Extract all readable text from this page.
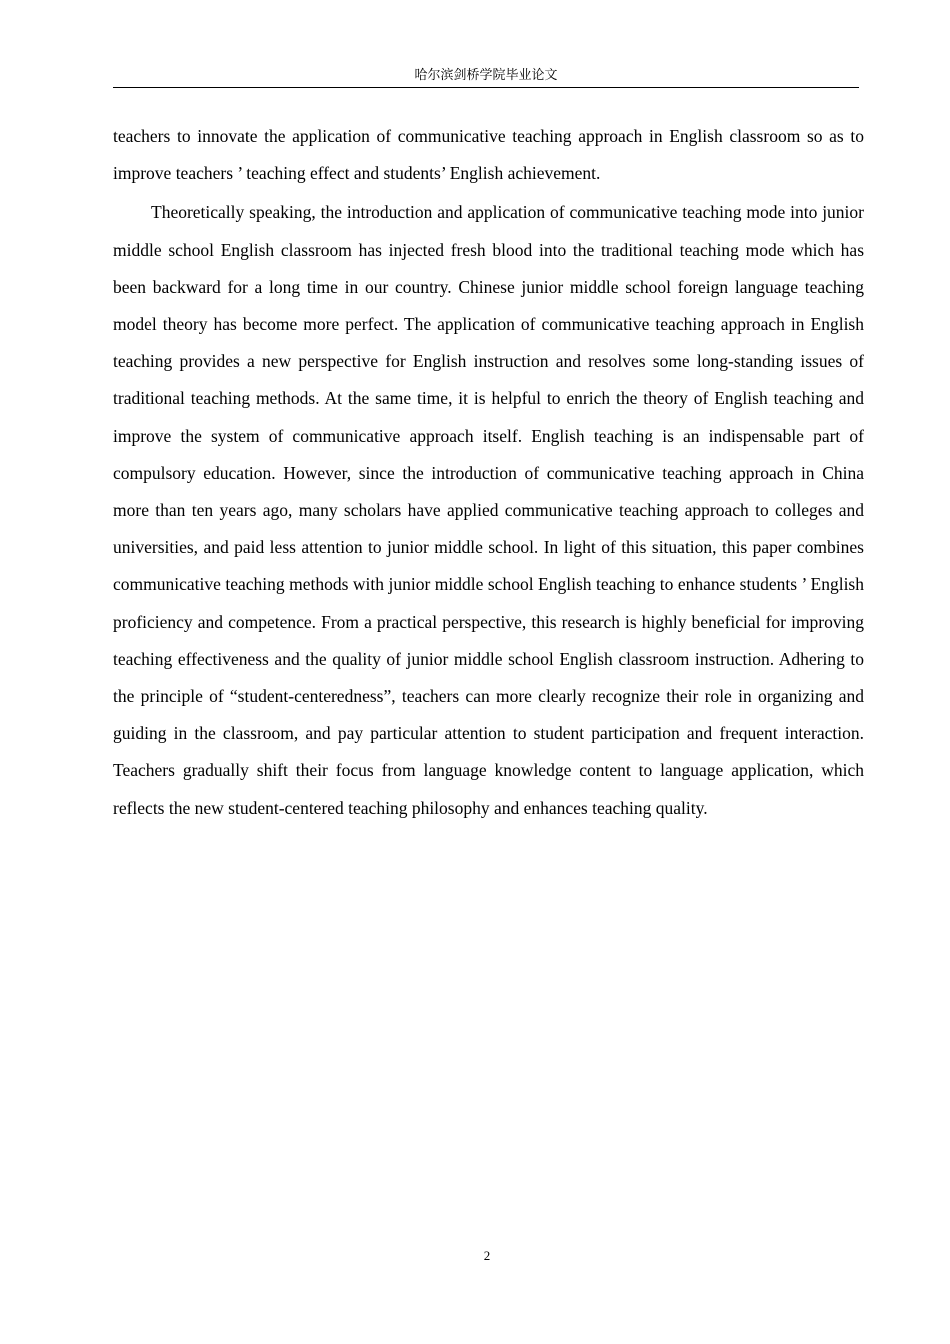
哈尔滨剑桥学院毕业论文

teachers to innovate the application of communicative teaching approach in English classroom so as to improve teachers ’ teaching effect and students’ English achievement.

Theoretically speaking, the introduction and application of communicative teaching mode into junior middle school English classroom has injected fresh blood into the traditional teaching mode which has been backward for a long time in our country. Chinese junior middle school foreign language teaching model theory has become more perfect. The application of communicative teaching approach in English teaching provides a new perspective for English instruction and resolves some long-standing issues of traditional teaching methods. At the same time, it is helpful to enrich the theory of English teaching and improve the system of communicative approach itself. English teaching is an indispensable part of compulsory education. However, since the introduction of communicative teaching approach in China more than ten years ago, many scholars have applied communicative teaching approach to colleges and universities, and paid less attention to junior middle school. In light of this situation, this paper combines communicative teaching methods with junior middle school English teaching to enhance students ’ English proficiency and competence. From a practical perspective, this research is highly beneficial for improving teaching effectiveness and the quality of junior middle school English classroom instruction. Adhering to the principle of “student-centeredness”, teachers can more clearly recognize their role in organizing and guiding in the classroom, and pay particular attention to student participation and frequent interaction. Teachers gradually shift their focus from language knowledge content to language application, which reflects the new student-centered teaching philosophy and enhances teaching quality.

2
